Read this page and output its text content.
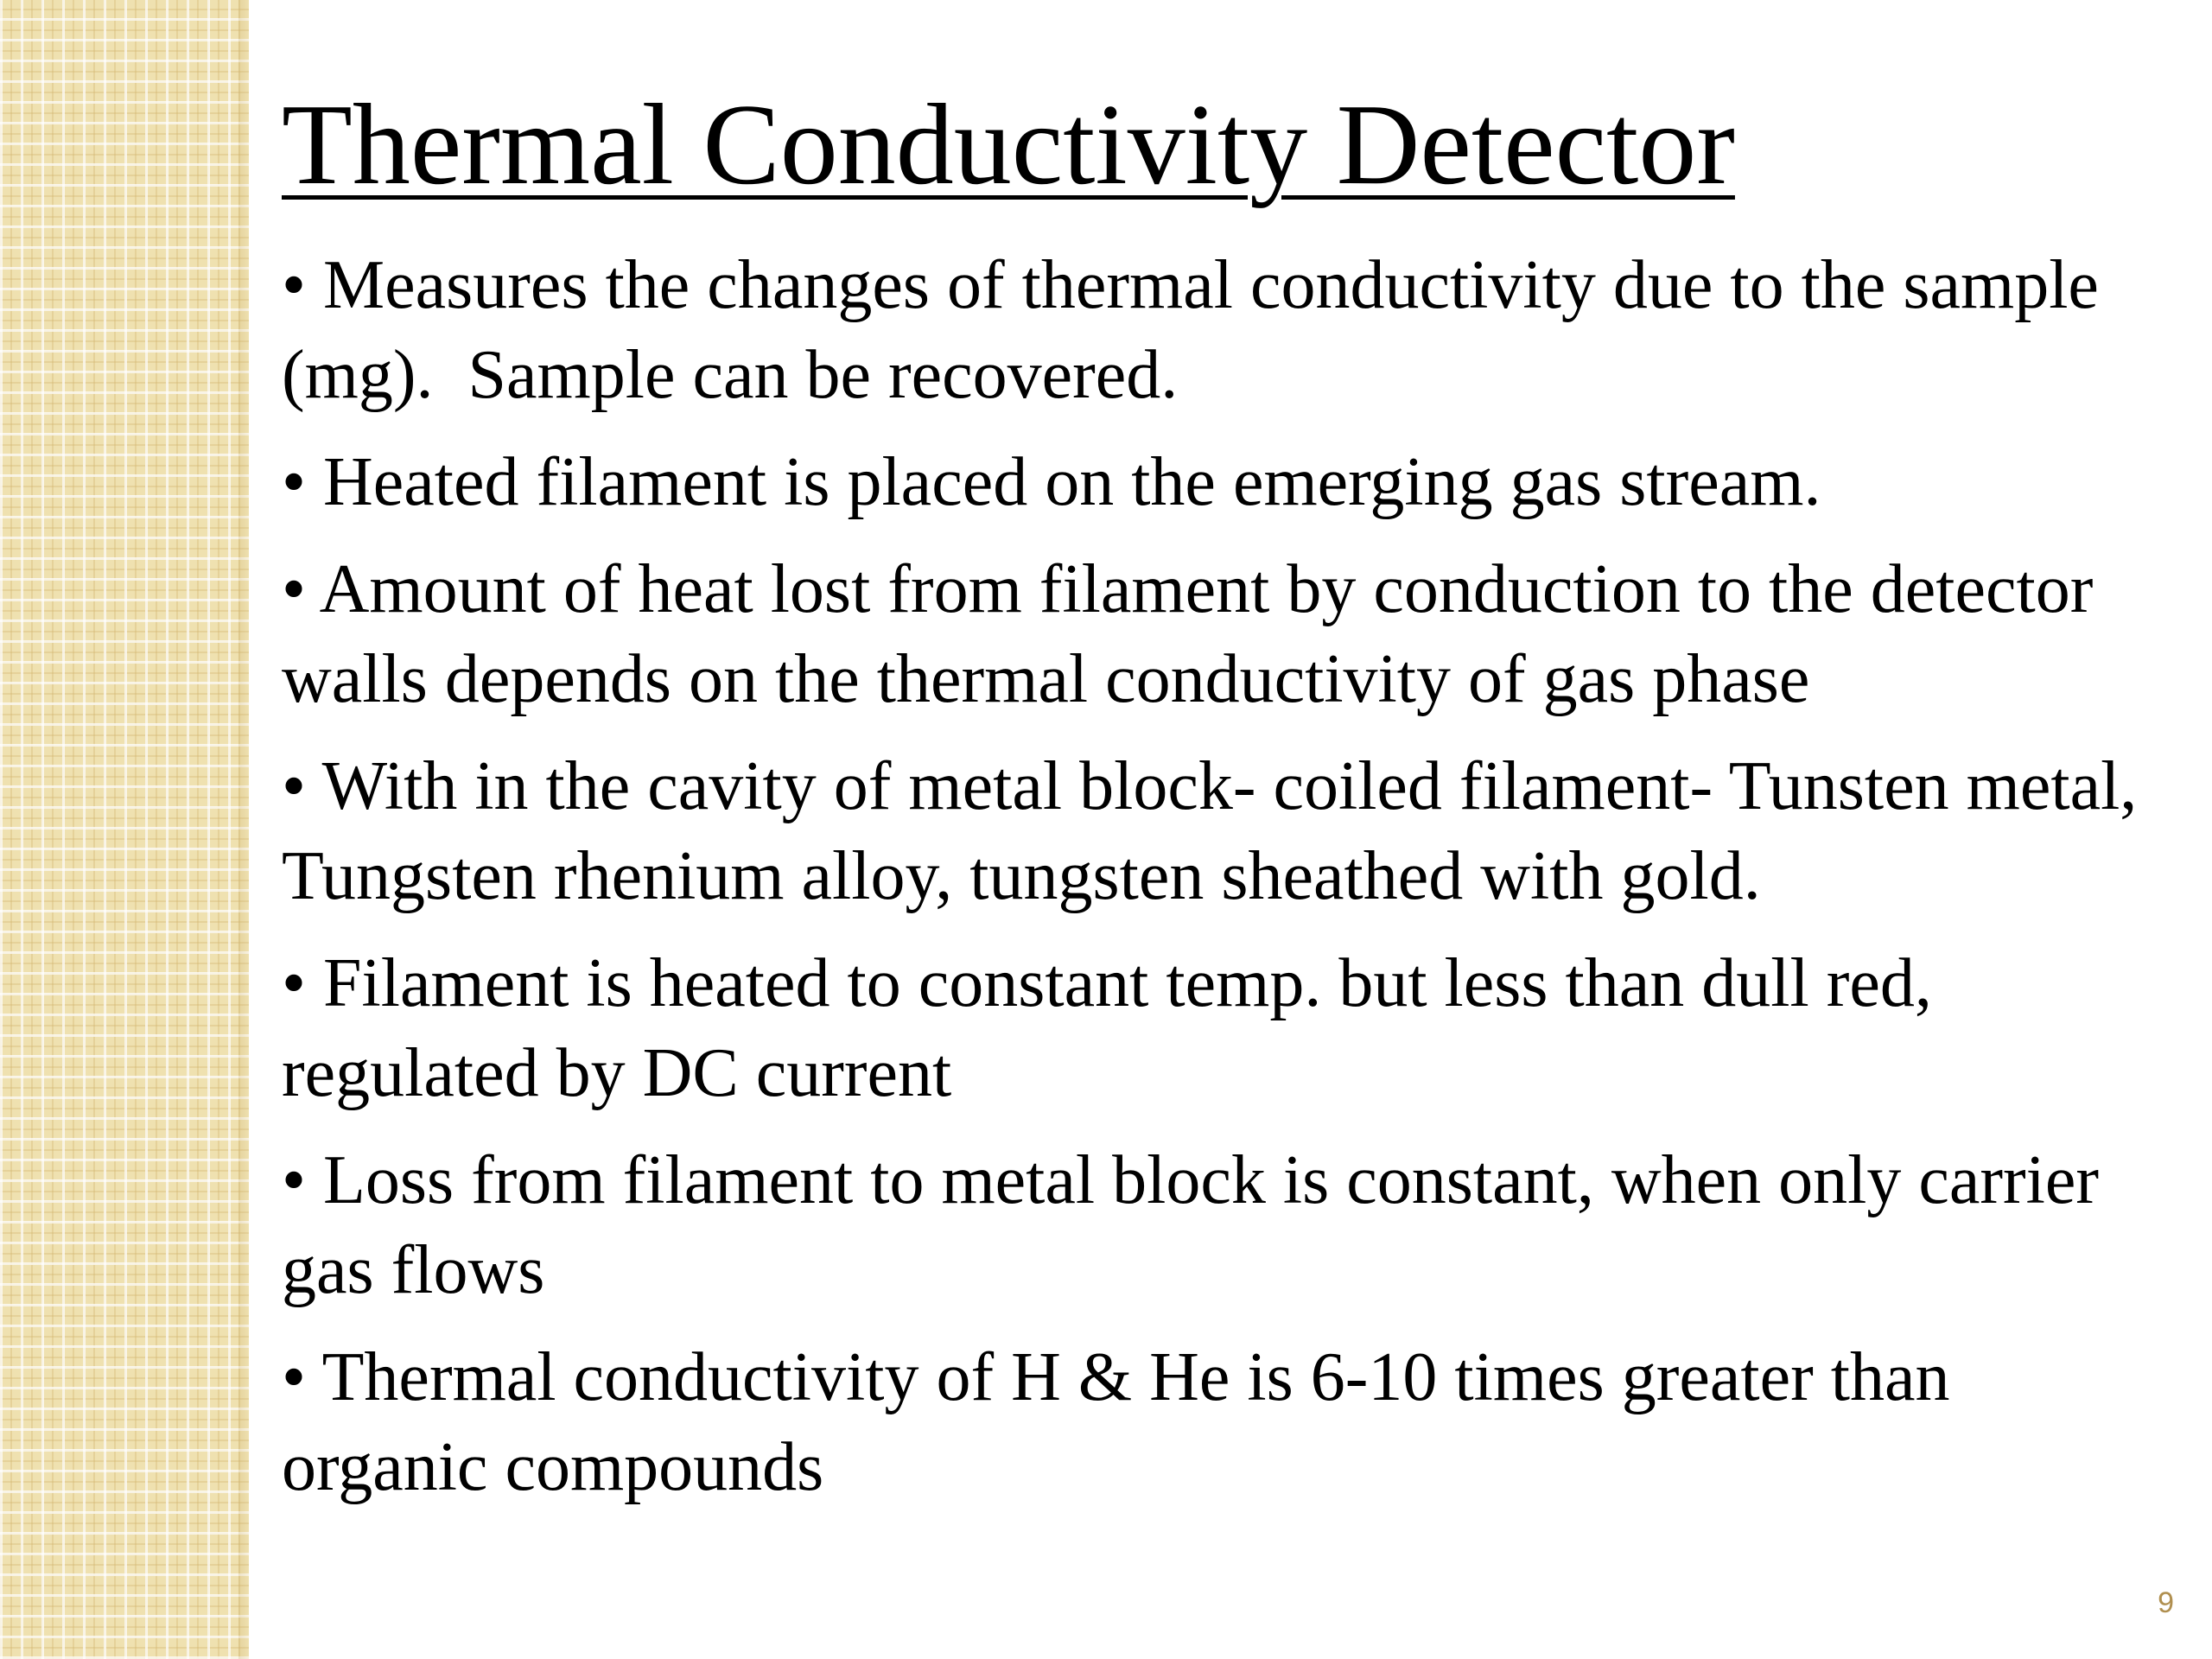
Thermal Conductivity Detector

• Measures the changes of thermal conductivity due to the sample (mg).  Sample can be recovered.

• Heated filament is placed on the emerging gas stream.

• Amount of heat lost from filament by conduction to the detector walls depends on the thermal conductivity of gas phase

• With in the cavity of metal block- coiled filament- Tunsten metal, Tungsten rhenium alloy, tungsten sheathed with gold.

• Filament is heated to constant temp. but less than dull red, regulated by DC current

• Loss from filament to metal block is constant, when only carrier gas flows

• Thermal conductivity of H & He is 6-10 times greater than organic compounds

9
